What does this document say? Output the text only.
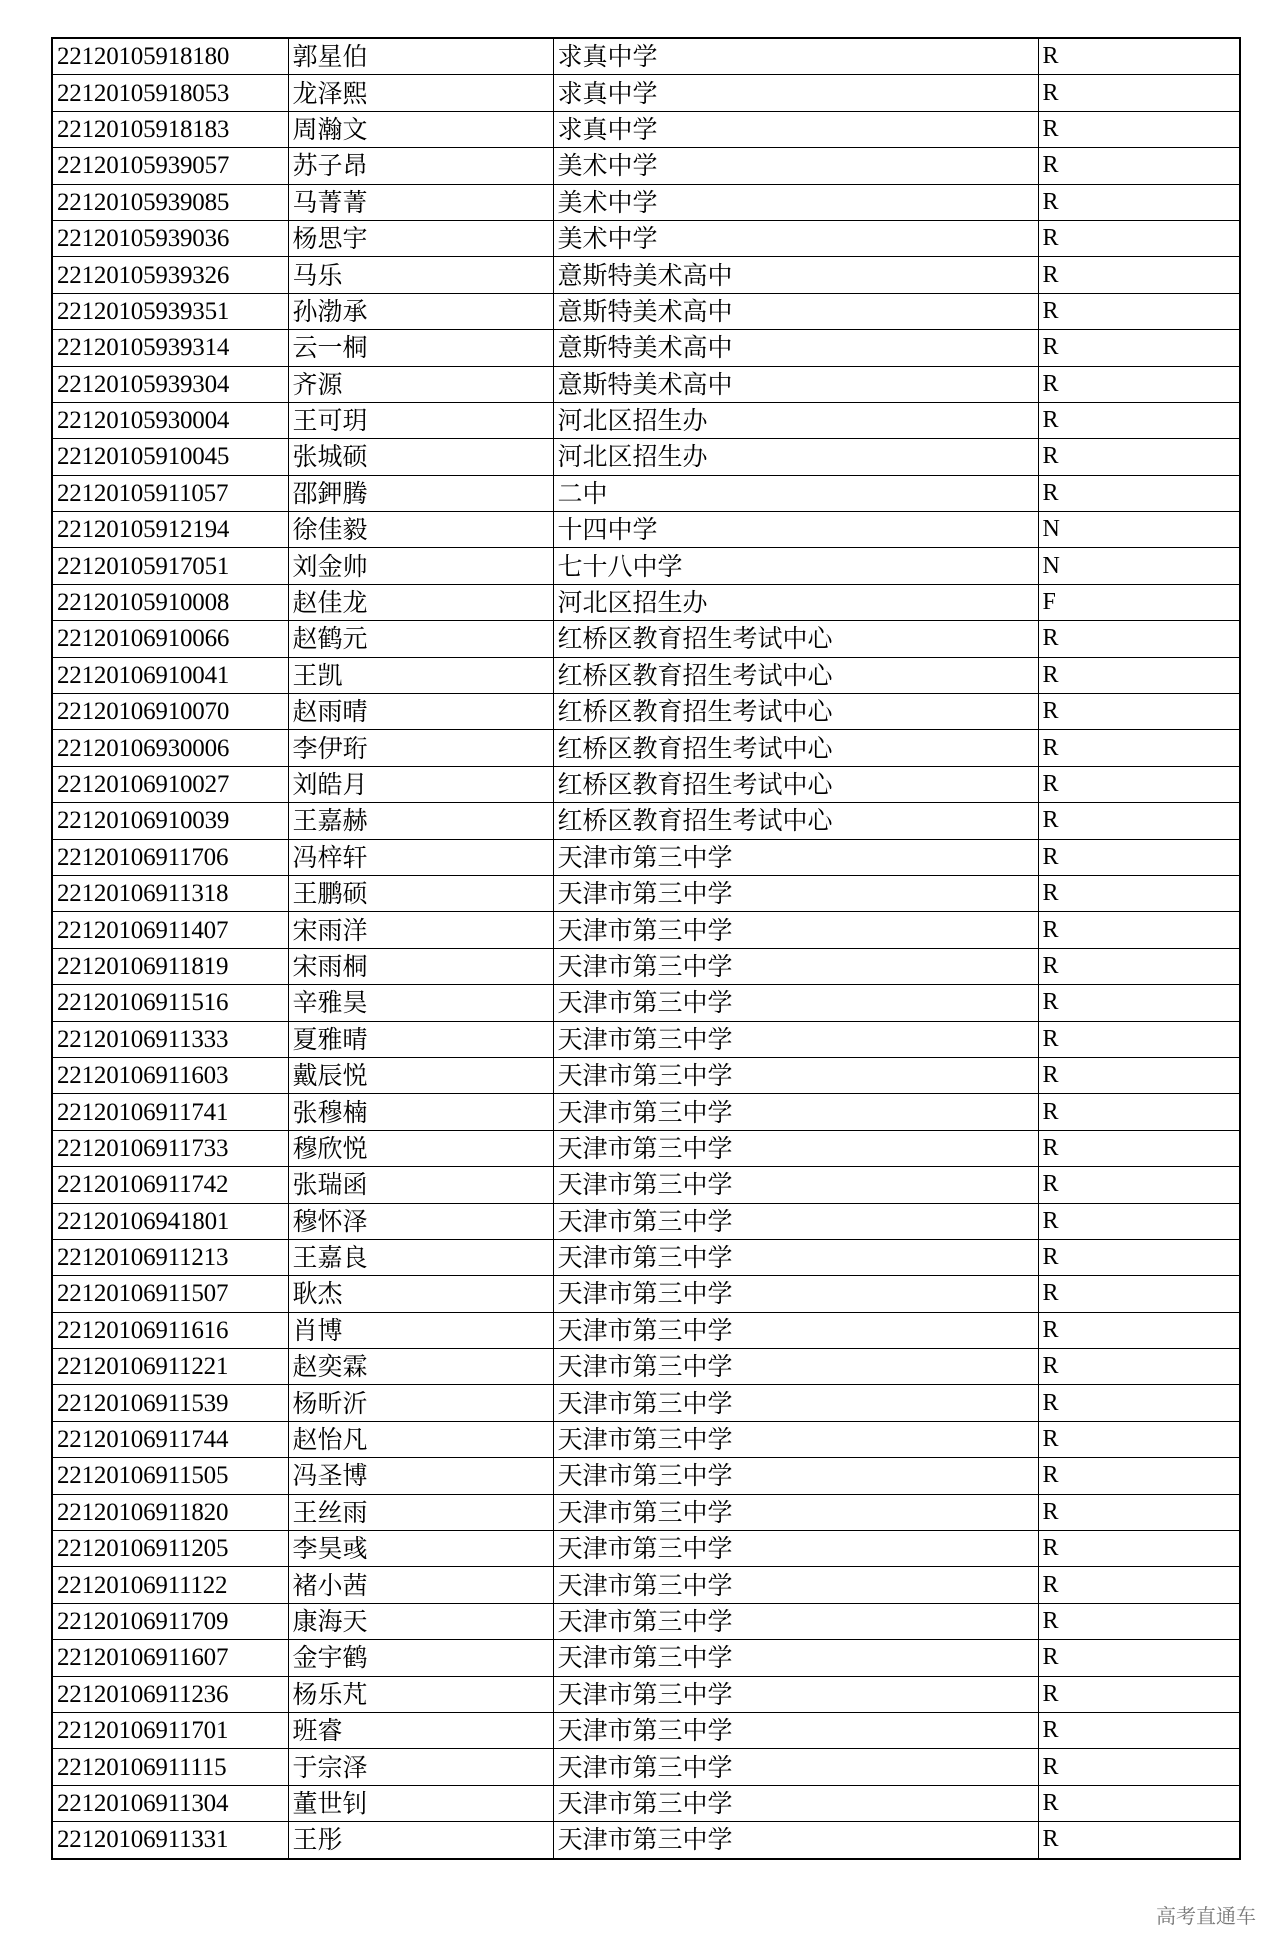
22120105918180	郭星伯	求真中学	R
22120105918053	龙泽熙	求真中学	R
22120105918183	周瀚文	求真中学	R
22120105939057	苏子昂	美术中学	R
22120105939085	马菁菁	美术中学	R
22120105939036	杨思宇	美术中学	R
22120105939326	马乐	意斯特美术高中	R
22120105939351	孙渤承	意斯特美术高中	R
22120105939314	云一桐	意斯特美术高中	R
22120105939304	齐源	意斯特美术高中	R
22120105930004	王可玥	河北区招生办	R
22120105910045	张城硕	河北区招生办	R
22120105911057	邵鉀腾	二中	R
22120105912194	徐佳毅	十四中学	N
22120105917051	刘金帅	七十八中学	N
22120105910008	赵佳龙	河北区招生办	F
22120106910066	赵鹤元	红桥区教育招生考试中心	R
22120106910041	王凯	红桥区教育招生考试中心	R
22120106910070	赵雨晴	红桥区教育招生考试中心	R
22120106930006	李伊珩	红桥区教育招生考试中心	R
22120106910027	刘皓月	红桥区教育招生考试中心	R
22120106910039	王嘉赫	红桥区教育招生考试中心	R
22120106911706	冯梓轩	天津市第三中学	R
22120106911318	王鹏硕	天津市第三中学	R
22120106911407	宋雨洋	天津市第三中学	R
22120106911819	宋雨桐	天津市第三中学	R
22120106911516	辛雅昊	天津市第三中学	R
22120106911333	夏雅晴	天津市第三中学	R
22120106911603	戴辰悦	天津市第三中学	R
22120106911741	张穆楠	天津市第三中学	R
22120106911733	穆欣悦	天津市第三中学	R
22120106911742	张瑞函	天津市第三中学	R
22120106941801	穆怀泽	天津市第三中学	R
22120106911213	王嘉良	天津市第三中学	R
22120106911507	耿杰	天津市第三中学	R
22120106911616	肖博	天津市第三中学	R
22120106911221	赵奕霖	天津市第三中学	R
22120106911539	杨昕沂	天津市第三中学	R
22120106911744	赵怡凡	天津市第三中学	R
22120106911505	冯圣博	天津市第三中学	R
22120106911820	王丝雨	天津市第三中学	R
22120106911205	李昊彧	天津市第三中学	R
22120106911122	褚小茜	天津市第三中学	R
22120106911709	康海天	天津市第三中学	R
22120106911607	金宇鹤	天津市第三中学	R
22120106911236	杨乐芃	天津市第三中学	R
22120106911701	班睿	天津市第三中学	R
22120106911115	于宗泽	天津市第三中学	R
22120106911304	董世钊	天津市第三中学	R
22120106911331	王彤	天津市第三中学	R
高考直通车
